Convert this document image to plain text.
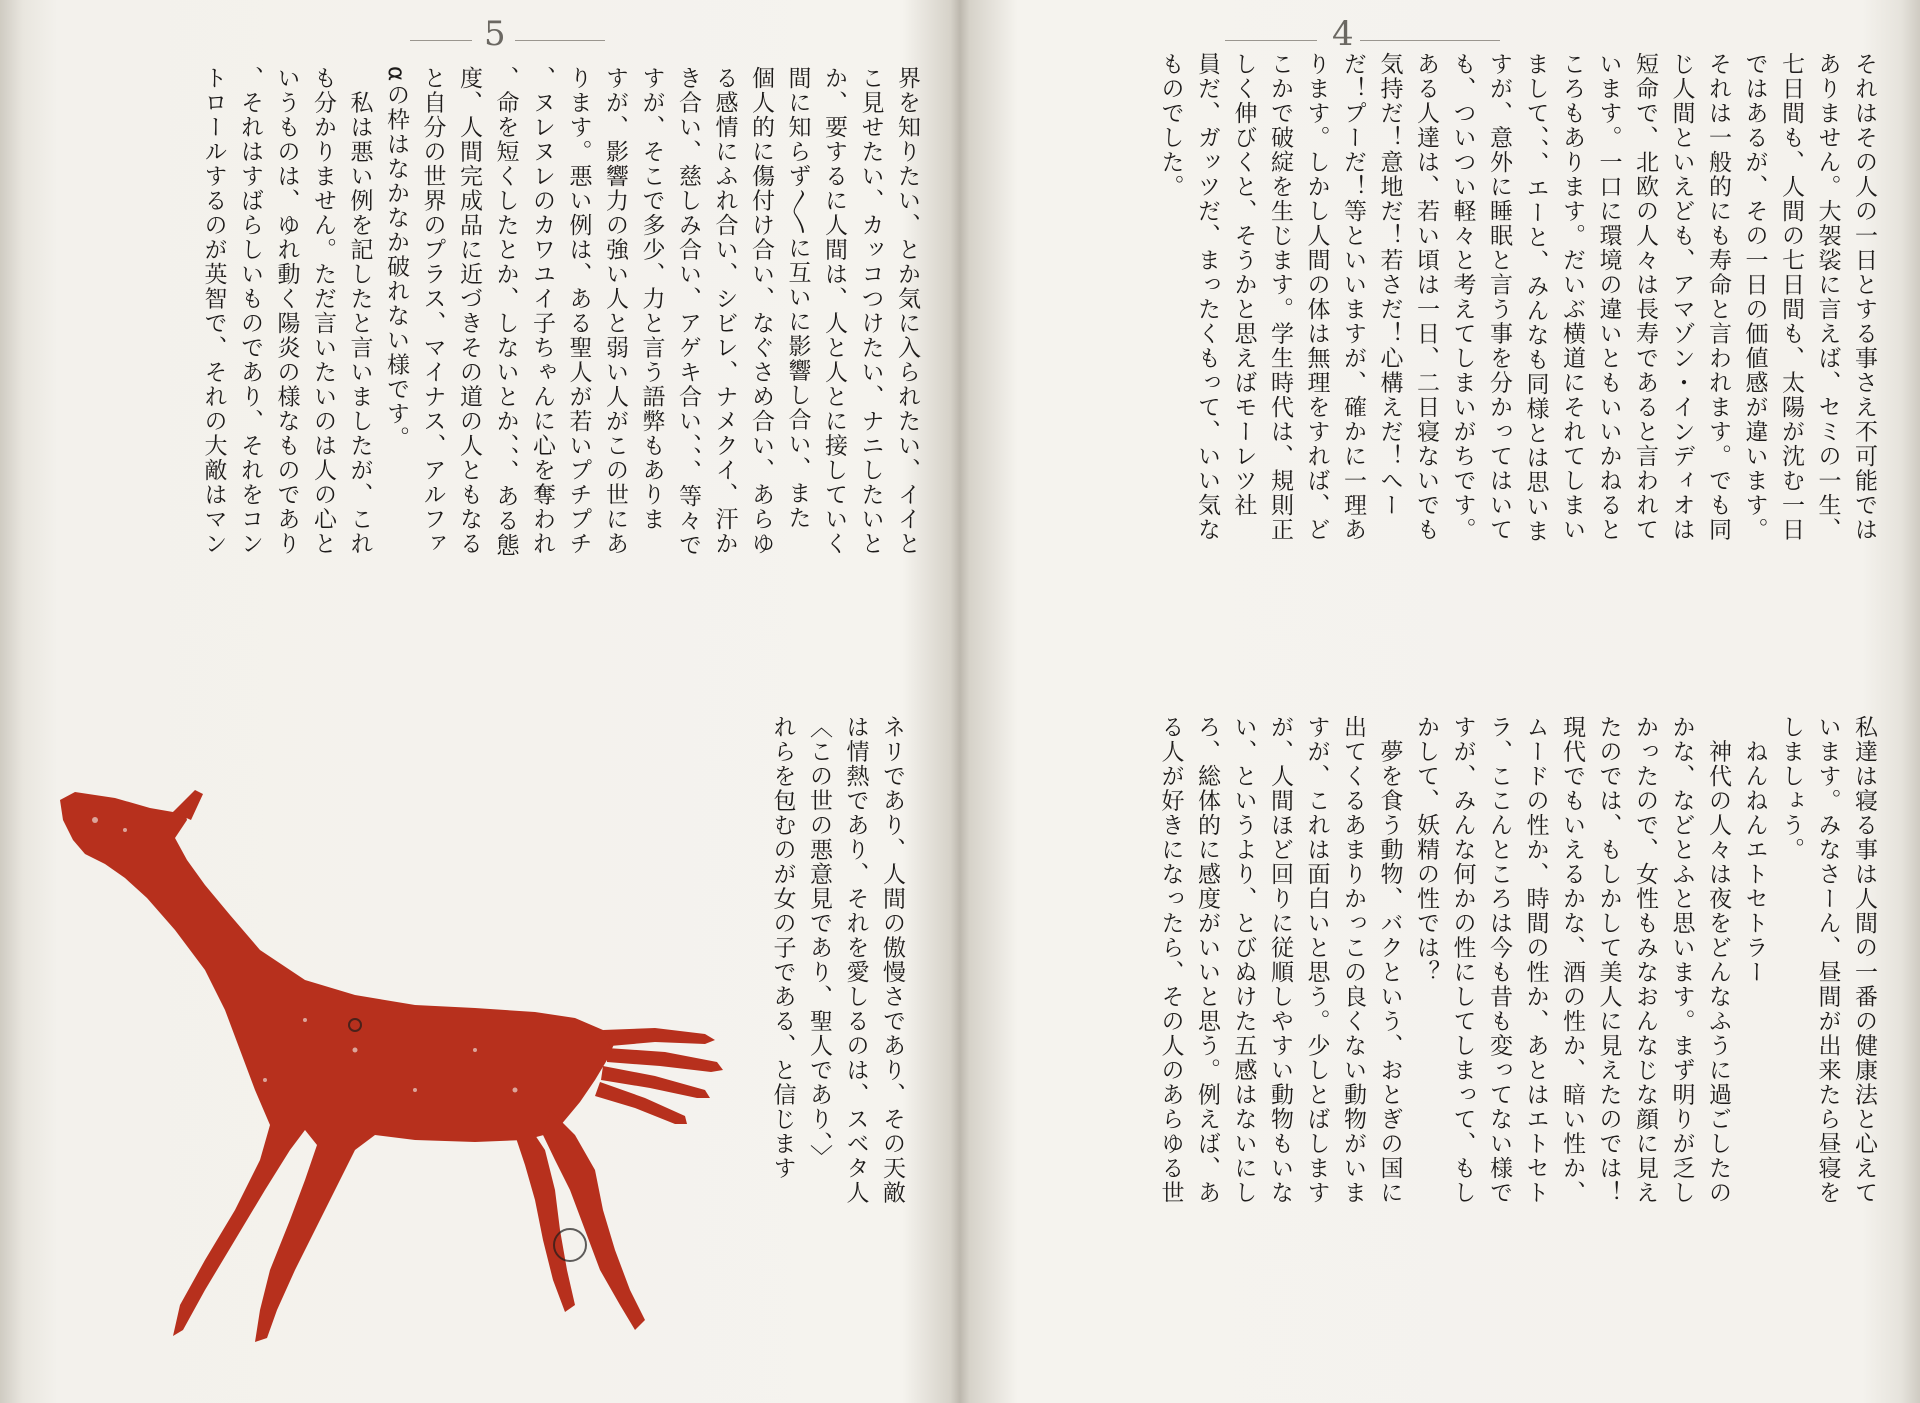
5
界を知りたい、とか気に入られたい、イイと
こ見せたい、カッコつけたい、ナニしたいと
か、要するに人間は、人と人とに接していく
間に知らず〳〵に互いに影響し合い、また
個人的に傷付け合い、なぐさめ合い、あらゆ
る感情にふれ合い、シビレ、ナメクイ、汗か
き合い、慈しみ合い、アゲキ合い、、、等々で
すが、そこで多少、力と言う語弊もありま
すが、影響力の強い人と弱い人がこの世にあ
ります。悪い例は、ある聖人が若いプチプチ
、ヌレヌレのカワユイ子ちゃんに心を奪われ
、命を短くしたとか、しないとか、、、ある態
度、人間完成品に近づきその道の人ともなる
と自分の世界のプラス、マイナス、アルファ
αの枠はなかなか破れない様です。
　私は悪い例を記したと言いましたが、これ
も分かりません。ただ言いたいのは人の心と
いうものは、ゆれ動く陽炎の様なものであり
、それはすばらしいものであり、それをコン
トロールするのが英智で、それの大敵はマン
ネリであり、人間の傲慢さであり、その天敵
は情熱であり、それを愛しるのは、スベタ人
〈この世の悪意見であり、聖人であり、〉
れらを包むのが女の子である、と信じます
4
それはその人の一日とする事さえ不可能では
ありません。大袈裟に言えば、セミの一生、
七日間も、人間の七日間も、太陽が沈む一日
ではあるが、その一日の価値感が違います。
それは一般的にも寿命と言われます。でも同
じ人間といえども、アマゾン・インディオは
短命で、北欧の人々は長寿であると言われて
います。一口に環境の違いともいいかねると
ころもあります。だいぶ横道にそれてしまい
まして、、、エーと、みんなも同様とは思いま
すが、意外に睡眠と言う事を分かってはいて
も、ついつい軽々と考えてしまいがちです。
ある人達は、若い頃は一日、二日寝ないでも
気持だ！意地だ！若さだ！心構えだ！へー
だ！プーだ！等といいますが、確かに一理あ
ります。しかし人間の体は無理をすれば、ど
こかで破綻を生じます。学生時代は、規則正
しく伸びくと、そうかと思えばモーレツ社
員だ、ガッツだ、まったくもって、いい気な
ものでした。
私達は寝る事は人間の一番の健康法と心えて
います。みなさーん、昼間が出来たら昼寝を
しましょう。
　ねんねんエトセトラー
　神代の人々は夜をどんなふうに過ごしたの
かな、などとふと思います。まず明りが乏し
かったので、女性もみなおんなじな顔に見え
たのでは、もしかして美人に見えたのでは！
現代でもいえるかな、酒の性か、暗い性か、
ムードの性か、時間の性か、あとはエトセト
ラ、ここんところは今も昔も変ってない様で
すが、みんな何かの性にしてしまって、もし
かして、妖精の性では？
　夢を食う動物、バクという、おとぎの国に
出てくるあまりかっこの良くない動物がいま
すが、これは面白いと思う。少しとばします
が、人間ほど回りに従順しやすい動物もいな
い、というより、とびぬけた五感はないにし
ろ、総体的に感度がいいと思う。例えば、あ
る人が好きになったら、その人のあらゆる世
